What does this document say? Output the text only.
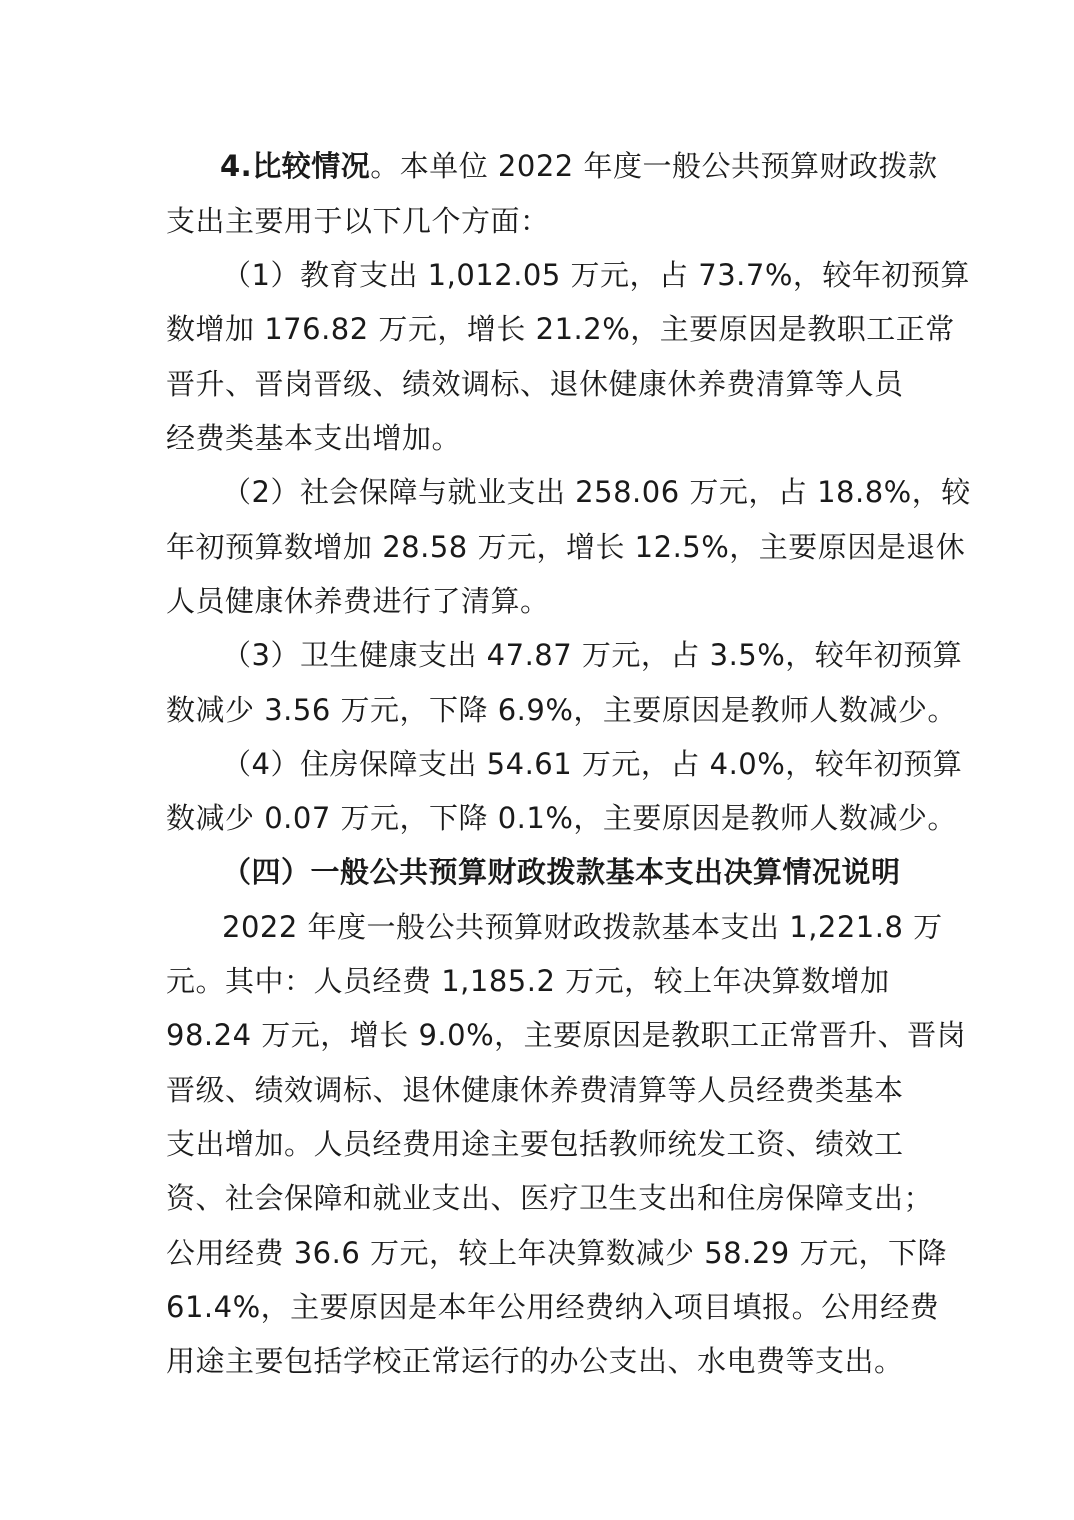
4.比较情况。本单位 2022 年度一般公共预算财政拨款
支出主要用于以下几个方面：
（1）教育支出 1,012.05 万元，占 73.7%，较年初预算
数增加 176.82 万元，增长 21.2%，主要原因是教职工正常
晋升、晋岗晋级、绩效调标、退休健康休养费清算等人员
经费类基本支出增加。
（2）社会保障与就业支出 258.06 万元，占 18.8%，较
年初预算数增加 28.58 万元，增长 12.5%，主要原因是退休
人员健康休养费进行了清算。
（3）卫生健康支出 47.87 万元，占 3.5%，较年初预算
数减少 3.56 万元，下降 6.9%，主要原因是教师人数减少。
（4）住房保障支出 54.61 万元，占 4.0%，较年初预算
数减少 0.07 万元，下降 0.1%，主要原因是教师人数减少。
（四）一般公共预算财政拨款基本支出决算情况说明
2022 年度一般公共预算财政拨款基本支出 1,221.8 万
元。其中：人员经费 1,185.2 万元，较上年决算数增加
98.24 万元，增长 9.0%，主要原因是教职工正常晋升、晋岗
晋级、绩效调标、退休健康休养费清算等人员经费类基本
支出增加。人员经费用途主要包括教师统发工资、绩效工
资、社会保障和就业支出、医疗卫生支出和住房保障支出；
公用经费 36.6 万元，较上年决算数减少 58.29 万元，下降
61.4%，主要原因是本年公用经费纳入项目填报。公用经费
用途主要包括学校正常运行的办公支出、水电费等支出。
